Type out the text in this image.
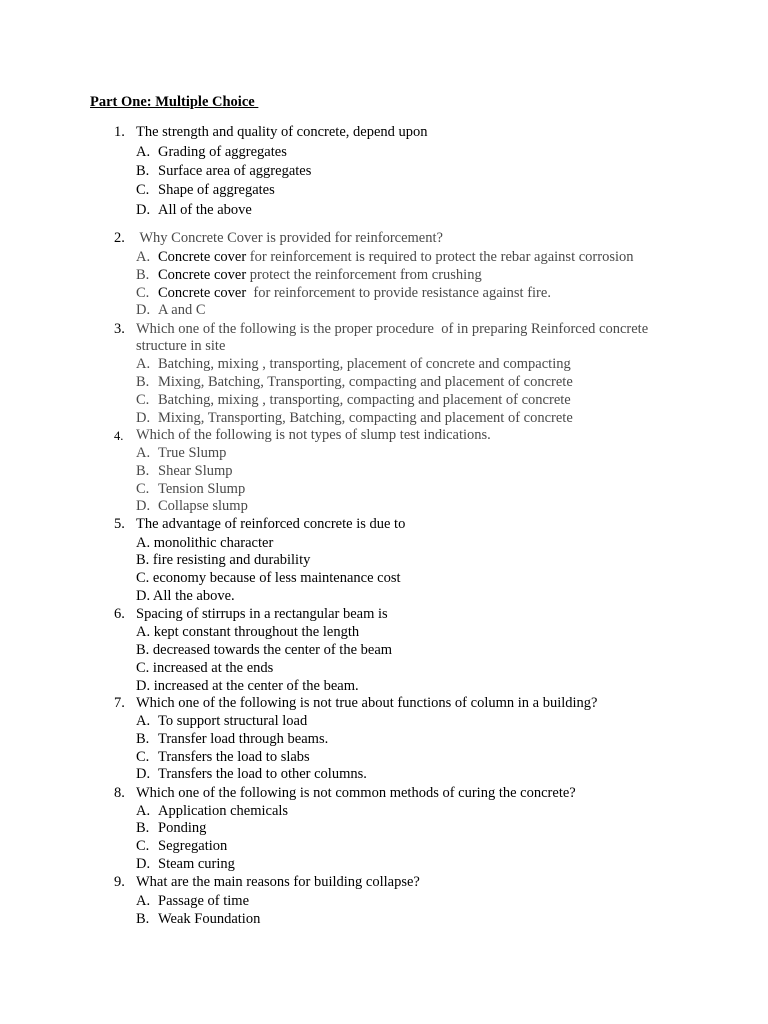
Part One: Multiple Choice
1. The strength and quality of concrete, depend upon
A. Grading of aggregates
B. Surface area of aggregates
C. Shape of aggregates
D. All of the above
2. Why Concrete Cover is provided for reinforcement?
A. Concrete cover for reinforcement is required to protect the rebar against corrosion
B. Concrete cover protect the reinforcement from crushing
C. Concrete cover  for reinforcement to provide resistance against fire.
D. A and C
3. Which one of the following is the proper procedure  of in preparing Reinforced concrete
structure in site
A. Batching, mixing , transporting, placement of concrete and compacting
B. Mixing, Batching, Transporting, compacting and placement of concrete
C. Batching, mixing , transporting, compacting and placement of concrete
D. Mixing, Transporting, Batching, compacting and placement of concrete
4. Which of the following is not types of slump test indications.
A. True Slump
B. Shear Slump
C. Tension Slump
D. Collapse slump
5. The advantage of reinforced concrete is due to
A. monolithic character
B. fire resisting and durability
C. economy because of less maintenance cost
D. All the above.
6. Spacing of stirrups in a rectangular beam is
A. kept constant throughout the length
B. decreased towards the center of the beam
C. increased at the ends
D. increased at the center of the beam.
7. Which one of the following is not true about functions of column in a building?
A. To support structural load
B. Transfer load through beams.
C. Transfers the load to slabs
D. Transfers the load to other columns.
8. Which one of the following is not common methods of curing the concrete?
A. Application chemicals
B. Ponding
C. Segregation
D. Steam curing
9. What are the main reasons for building collapse?
A. Passage of time
B. Weak Foundation
